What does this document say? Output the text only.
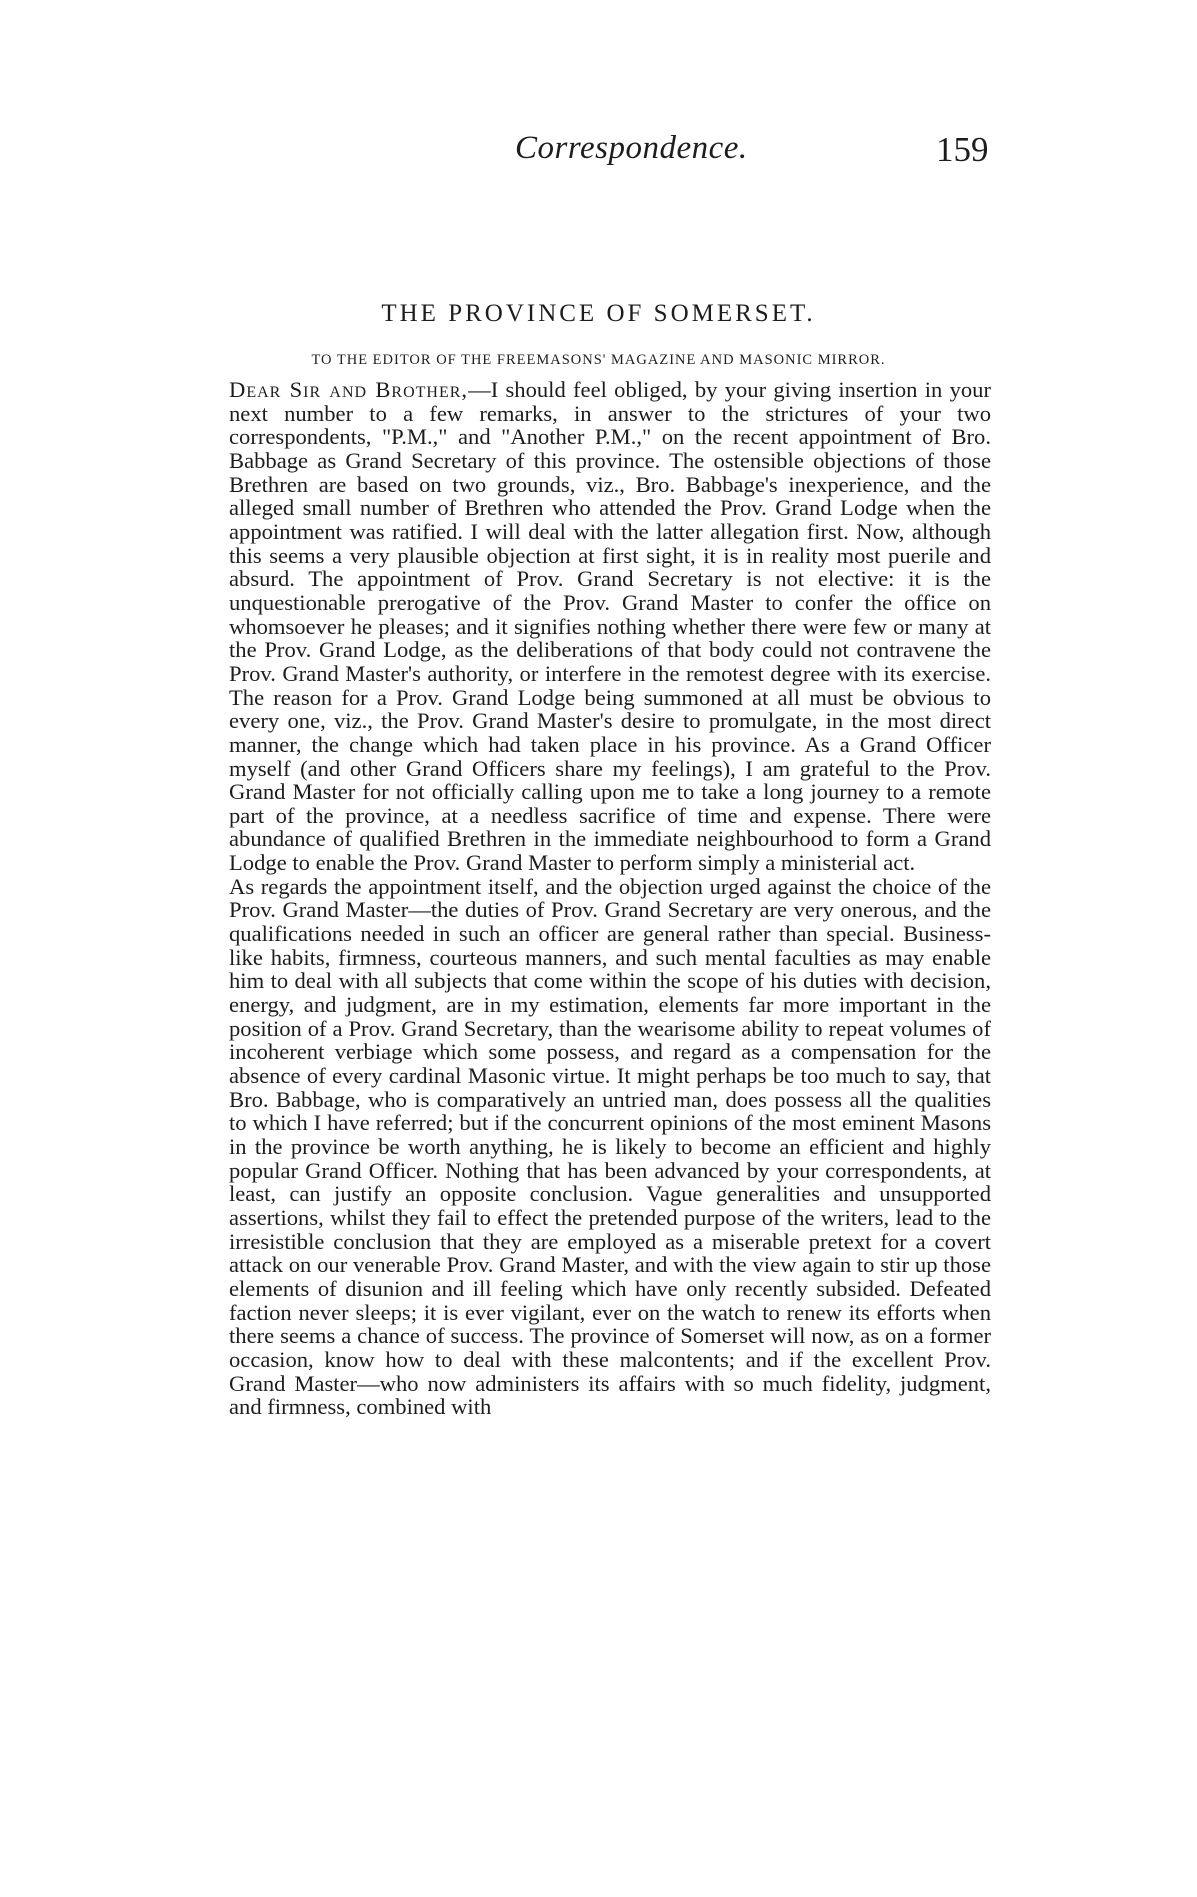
Correspondence.	159
THE PROVINCE OF SOMERSET.
TO THE EDITOR OF THE FREEMASONS' MAGAZINE AND MASONIC MIRROR.

Dear Sir and Brother,—I should feel obliged, by your giving insertion in your next number to a few remarks, in answer to the strictures of your two correspondents, "P.M.," and "Another P.M.," on the recent appointment of Bro. Babbage as Grand Secretary of this province. The ostensible objections of those Brethren are based on two grounds, viz., Bro. Babbage's inexperience, and the alleged small number of Brethren who attended the Prov. Grand Lodge when the appointment was ratified. I will deal with the latter allegation first. Now, although this seems a very plausible objection at first sight, it is in reality most puerile and absurd. The appointment of Prov. Grand Secretary is not elective: it is the unquestionable prerogative of the Prov. Grand Master to confer the office on whomsoever he pleases; and it signifies nothing whether there were few or many at the Prov. Grand Lodge, as the deliberations of that body could not contravene the Prov. Grand Master's authority, or interfere in the remotest degree with its exercise. The reason for a Prov. Grand Lodge being summoned at all must be obvious to every one, viz., the Prov. Grand Master's desire to promulgate, in the most direct manner, the change which had taken place in his province. As a Grand Officer myself (and other Grand Officers share my feelings), I am grateful to the Prov. Grand Master for not officially calling upon me to take a long journey to a remote part of the province, at a needless sacrifice of time and expense. There were abundance of qualified Brethren in the immediate neighbourhood to form a Grand Lodge to enable the Prov. Grand Master to perform simply a ministerial act.

As regards the appointment itself, and the objection urged against the choice of the Prov. Grand Master—the duties of Prov. Grand Secretary are very onerous, and the qualifications needed in such an officer are general rather than special. Business-like habits, firmness, courteous manners, and such mental faculties as may enable him to deal with all subjects that come within the scope of his duties with decision, energy, and judgment, are in my estimation, elements far more important in the position of a Prov. Grand Secretary, than the wearisome ability to repeat volumes of incoherent verbiage which some possess, and regard as a compensation for the absence of every cardinal Masonic virtue. It might perhaps be too much to say, that Bro. Babbage, who is comparatively an untried man, does possess all the qualities to which I have referred; but if the concurrent opinions of the most eminent Masons in the province be worth anything, he is likely to become an efficient and highly popular Grand Officer. Nothing that has been advanced by your correspondents, at least, can justify an opposite conclusion. Vague generalities and unsupported assertions, whilst they fail to effect the pretended purpose of the writers, lead to the irresistible conclusion that they are employed as a miserable pretext for a covert attack on our venerable Prov. Grand Master, and with the view again to stir up those elements of disunion and ill feeling which have only recently subsided. Defeated faction never sleeps; it is ever vigilant, ever on the watch to renew its efforts when there seems a chance of success. The province of Somerset will now, as on a former occasion, know how to deal with these malcontents; and if the excellent Prov. Grand Master—who now administers its affairs with so much fidelity, judgment, and firmness, combined with
